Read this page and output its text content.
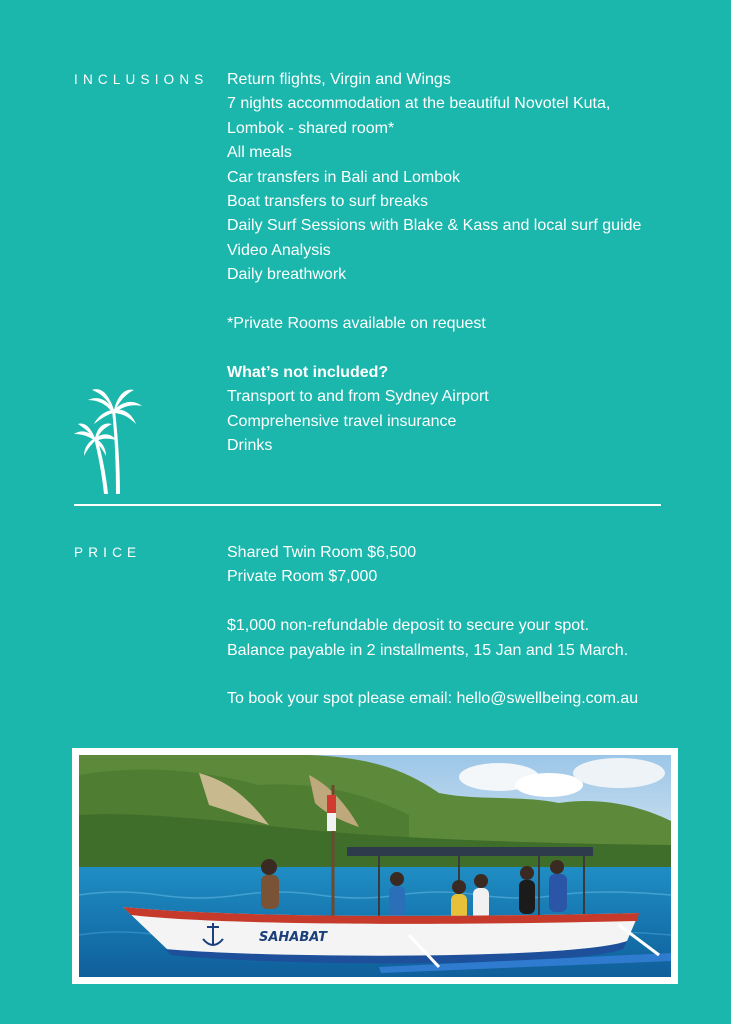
INCLUSIONS Return flights, Virgin and Wings
7 nights accommodation at the beautiful Novotel Kuta,
Lombok - shared room*
All meals
Car transfers in Bali and Lombok
Boat transfers to surf breaks
Daily Surf Sessions with Blake & Kass and local surf guide
Video Analysis
Daily breathwork
*Private Rooms available on request
What’s not included?
Transport to and from Sydney Airport
Comprehensive travel insurance
Drinks
PRICE	Shared Twin Room $6,500
Private Room $7,000
$1,000 non-refundable deposit to secure your spot.
Balance payable in 2 installments, 15 Jan and 15 March.
To book your spot please email: hello@swellbeing.com.au
SAHABAT
